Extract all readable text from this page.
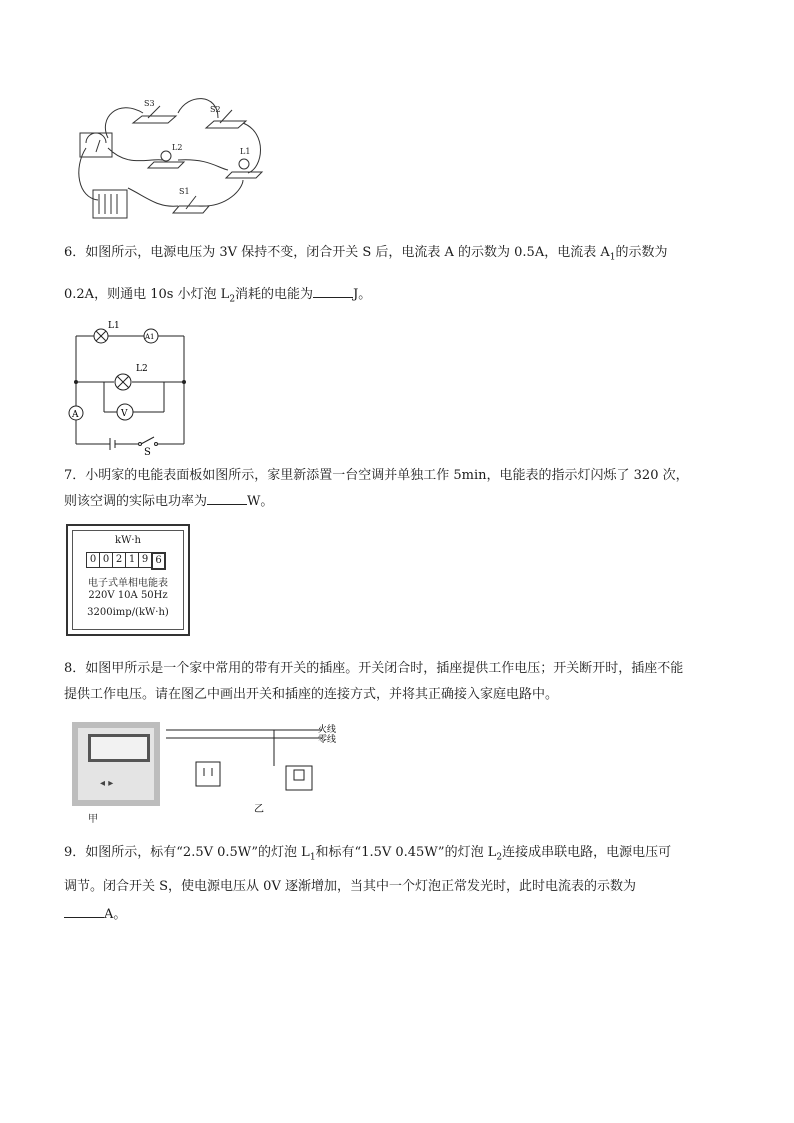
S3
S2
L2	L1
S1
6．如图所示，电源电压为 3V 保持不变，闭合开关 S 后，电流表 A 的示数为 0.5A，电流表 $A_1$的示数为
0.2A，则通电 10s 小灯泡 $L_2$消耗的电能为	J。
L1
A1
L2
V
A
S
7．小明家的电能表面板如图所示，家里新添置一台空调并单独工作 5min，电能表的指示灯闪烁了 320 次，
则该空调的实际电功率为	W。
kW·h
0 0 2 1 9 6
电子式单相电能表
220V 10A 50Hz
3200imp/(kW·h)
8．如图甲所示是一个家中常用的带有开关的插座。开关闭合时，插座提供工作电压；开关断开时，插座不能
提供工作电压。请在图乙中画出开关和插座的连接方式，并将其正确接入家庭电路中。
◂ ▸
甲
火线
零线
乙
9．如图所示，标有“2.5V 0.5W”的灯泡 $L_1$和标有“1.5V 0.45W”的灯泡 $L_2$连接成串联电路，电源电压可
调节。闭合开关 S，使电源电压从 0V 逐渐增加，当其中一个灯泡正常发光时，此时电流表的示数为
A。
